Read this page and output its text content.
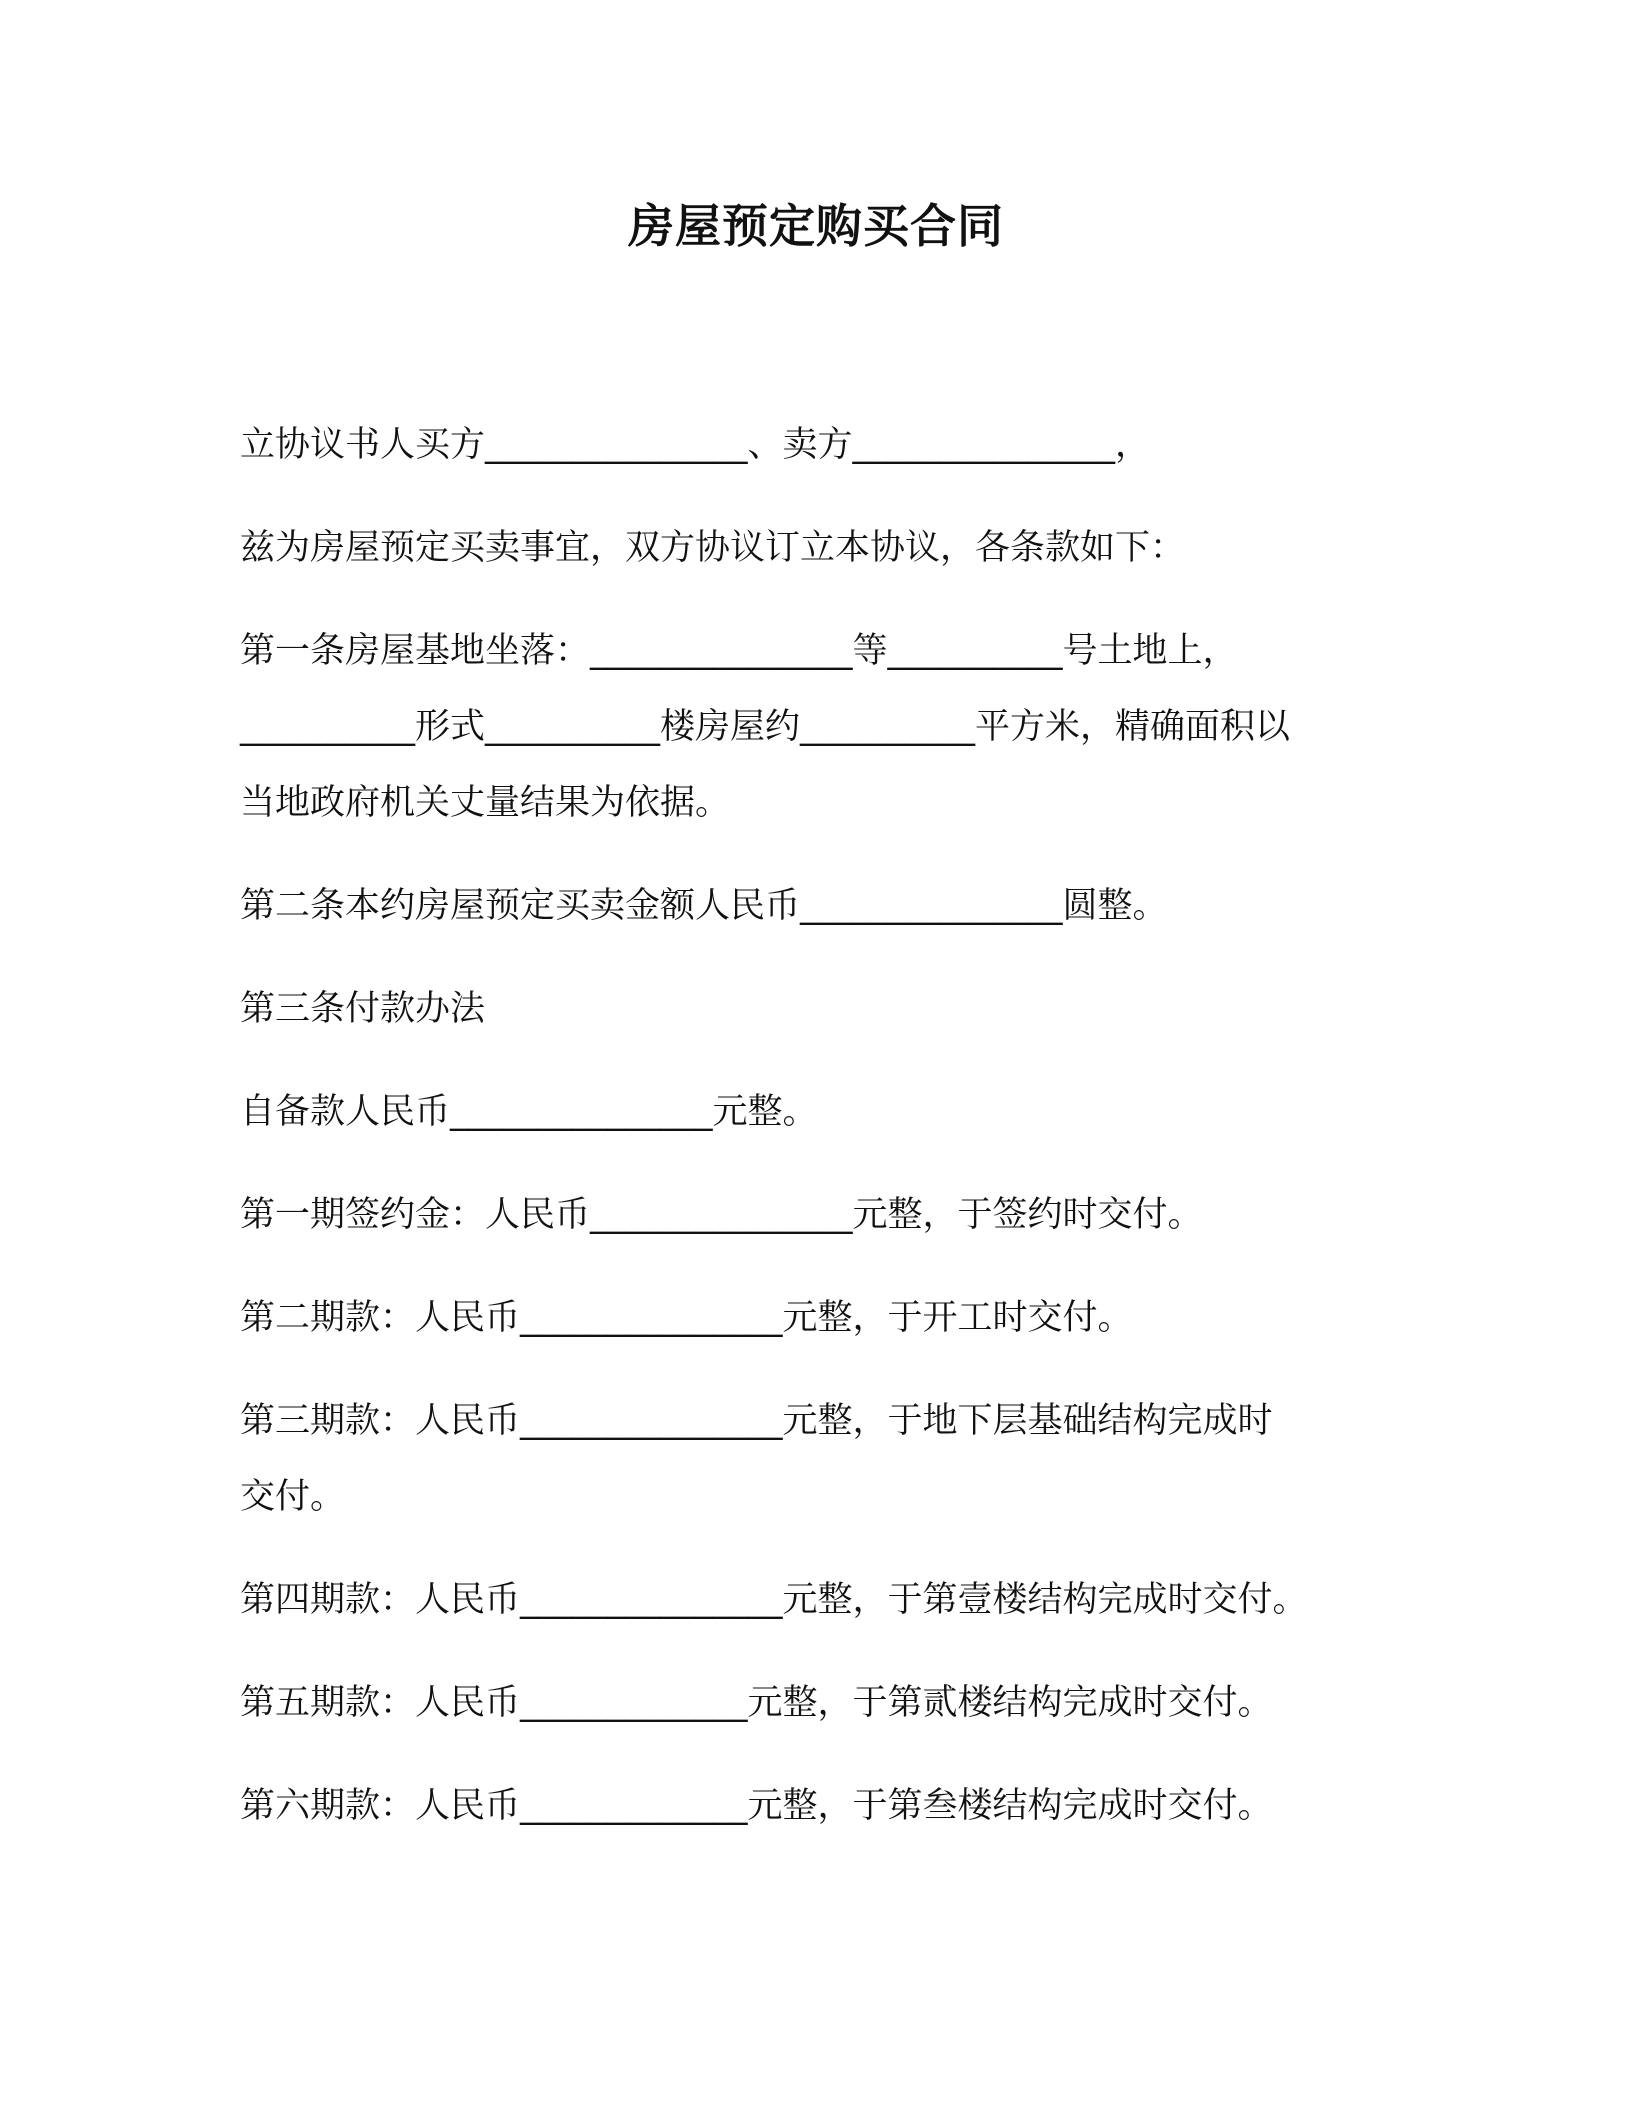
房屋预定购买合同
立协议书人买方_______________、卖方_______________，
兹为房屋预定买卖事宜，双方协议订立本协议，各条款如下：
第一条房屋基地坐落：_______________等__________号土地上，
__________形式__________楼房屋约__________平方米，精确面积以
当地政府机关丈量结果为依据。
第二条本约房屋预定买卖金额人民币_______________圆整。
第三条付款办法
自备款人民币_______________元整。
第一期签约金：人民币_______________元整，于签约时交付。
第二期款：人民币_______________元整，于开工时交付。
第三期款：人民币_______________元整，于地下层基础结构完成时
交付。
第四期款：人民币_______________元整，于第壹楼结构完成时交付。
第五期款：人民币_____________元整，于第贰楼结构完成时交付。
第六期款：人民币_____________元整，于第叁楼结构完成时交付。
